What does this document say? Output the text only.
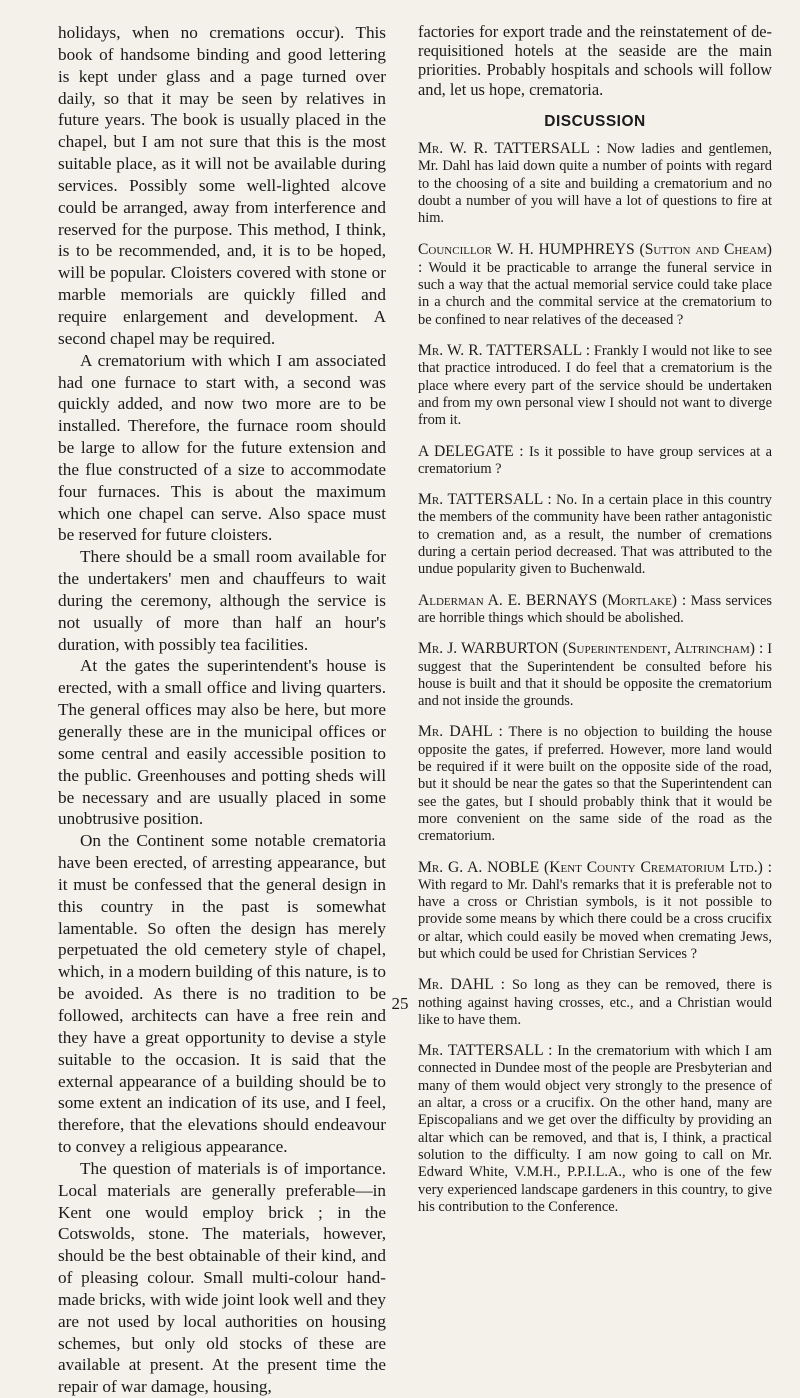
holidays, when no cremations occur). This book of handsome binding and good lettering is kept under glass and a page turned over daily, so that it may be seen by relatives in future years. The book is usually placed in the chapel, but I am not sure that this is the most suitable place, as it will not be available during services. Possibly some well-lighted alcove could be arranged, away from interference and reserved for the purpose. This method, I think, is to be recommended, and, it is to be hoped, will be popular. Cloisters covered with stone or marble memorials are quickly filled and require enlargement and development. A second chapel may be required.

A crematorium with which I am associated had one furnace to start with, a second was quickly added, and now two more are to be installed. Therefore, the furnace room should be large to allow for the future extension and the flue constructed of a size to accommodate four furnaces. This is about the maximum which one chapel can serve. Also space must be reserved for future cloisters.

There should be a small room available for the undertakers' men and chauffeurs to wait during the ceremony, although the service is not usually of more than half an hour's duration, with possibly tea facilities.

At the gates the superintendent's house is erected, with a small office and living quarters. The general offices may also be here, but more generally these are in the municipal offices or some central and easily accessible position to the public. Greenhouses and potting sheds will be necessary and are usually placed in some unobtrusive position.

On the Continent some notable crematoria have been erected, of arresting appearance, but it must be confessed that the general design in this country in the past is somewhat lamentable. So often the design has merely perpetuated the old cemetery style of chapel, which, in a modern building of this nature, is to be avoided. As there is no tradition to be followed, architects can have a free rein and they have a great opportunity to devise a style suitable to the occasion. It is said that the external appearance of a building should be to some extent an indication of its use, and I feel, therefore, that the elevations should endeavour to convey a religious appearance.

The question of materials is of importance. Local materials are generally preferable—in Kent one would employ brick ; in the Cotswolds, stone. The materials, however, should be the best obtainable of their kind, and of pleasing colour. Small multi-colour hand-made bricks, with wide joint look well and they are not used by local authorities on housing schemes, but only old stocks of these are available at present. At the present time the repair of war damage, housing,

factories for export trade and the reinstatement of de-requisitioned hotels at the seaside are the main priorities. Probably hospitals and schools will follow and, let us hope, crematoria.

DISCUSSION

Mr. W. R. TATTERSALL : Now ladies and gentlemen, Mr. Dahl has laid down quite a number of points with regard to the choosing of a site and building a crematorium and no doubt a number of you will have a lot of questions to fire at him.

Councillor W. H. HUMPHREYS (Sutton and Cheam) : Would it be practicable to arrange the funeral service in such a way that the actual memorial service could take place in a church and the commital service at the crematorium to be confined to near relatives of the deceased ?

Mr. W. R. TATTERSALL : Frankly I would not like to see that practice introduced. I do feel that a crematorium is the place where every part of the service should be undertaken and from my own personal view I should not want to diverge from it.

A DELEGATE : Is it possible to have group services at a crematorium ?

Mr. TATTERSALL : No. In a certain place in this country the members of the community have been rather antagonistic to cremation and, as a result, the number of cremations during a certain period decreased. That was attributed to the undue popularity given to Buchenwald.

Alderman A. E. BERNAYS (Mortlake) : Mass services are horrible things which should be abolished.

Mr. J. WARBURTON (Superintendent, Altrincham) : I suggest that the Superintendent be consulted before his house is built and that it should be opposite the crematorium and not inside the grounds.

Mr. DAHL : There is no objection to building the house opposite the gates, if preferred. However, more land would be required if it were built on the opposite side of the road, but it should be near the gates so that the Superintendent can see the gates, but I should probably think that it would be more convenient on the same side of the road as the crematorium.

Mr. G. A. NOBLE (Kent County Crematorium Ltd.) : With regard to Mr. Dahl's remarks that it is preferable not to have a cross or Christian symbols, is it not possible to provide some means by which there could be a cross crucifix or altar, which could easily be moved when cremating Jews, but which could be used for Christian Services ?

Mr. DAHL : So long as they can be removed, there is nothing against having crosses, etc., and a Christian would like to have them.

Mr. TATTERSALL : In the crematorium with which I am connected in Dundee most of the people are Presbyterian and many of them would object very strongly to the presence of an altar, a cross or a crucifix. On the other hand, many are Episcopalians and we get over the difficulty by providing an altar which can be removed, and that is, I think, a practical solution to the difficulty. I am now going to call on Mr. Edward White, V.M.H., P.P.I.L.A., who is one of the few very experienced landscape gardeners in this country, to give his contribution to the Conference.

25
